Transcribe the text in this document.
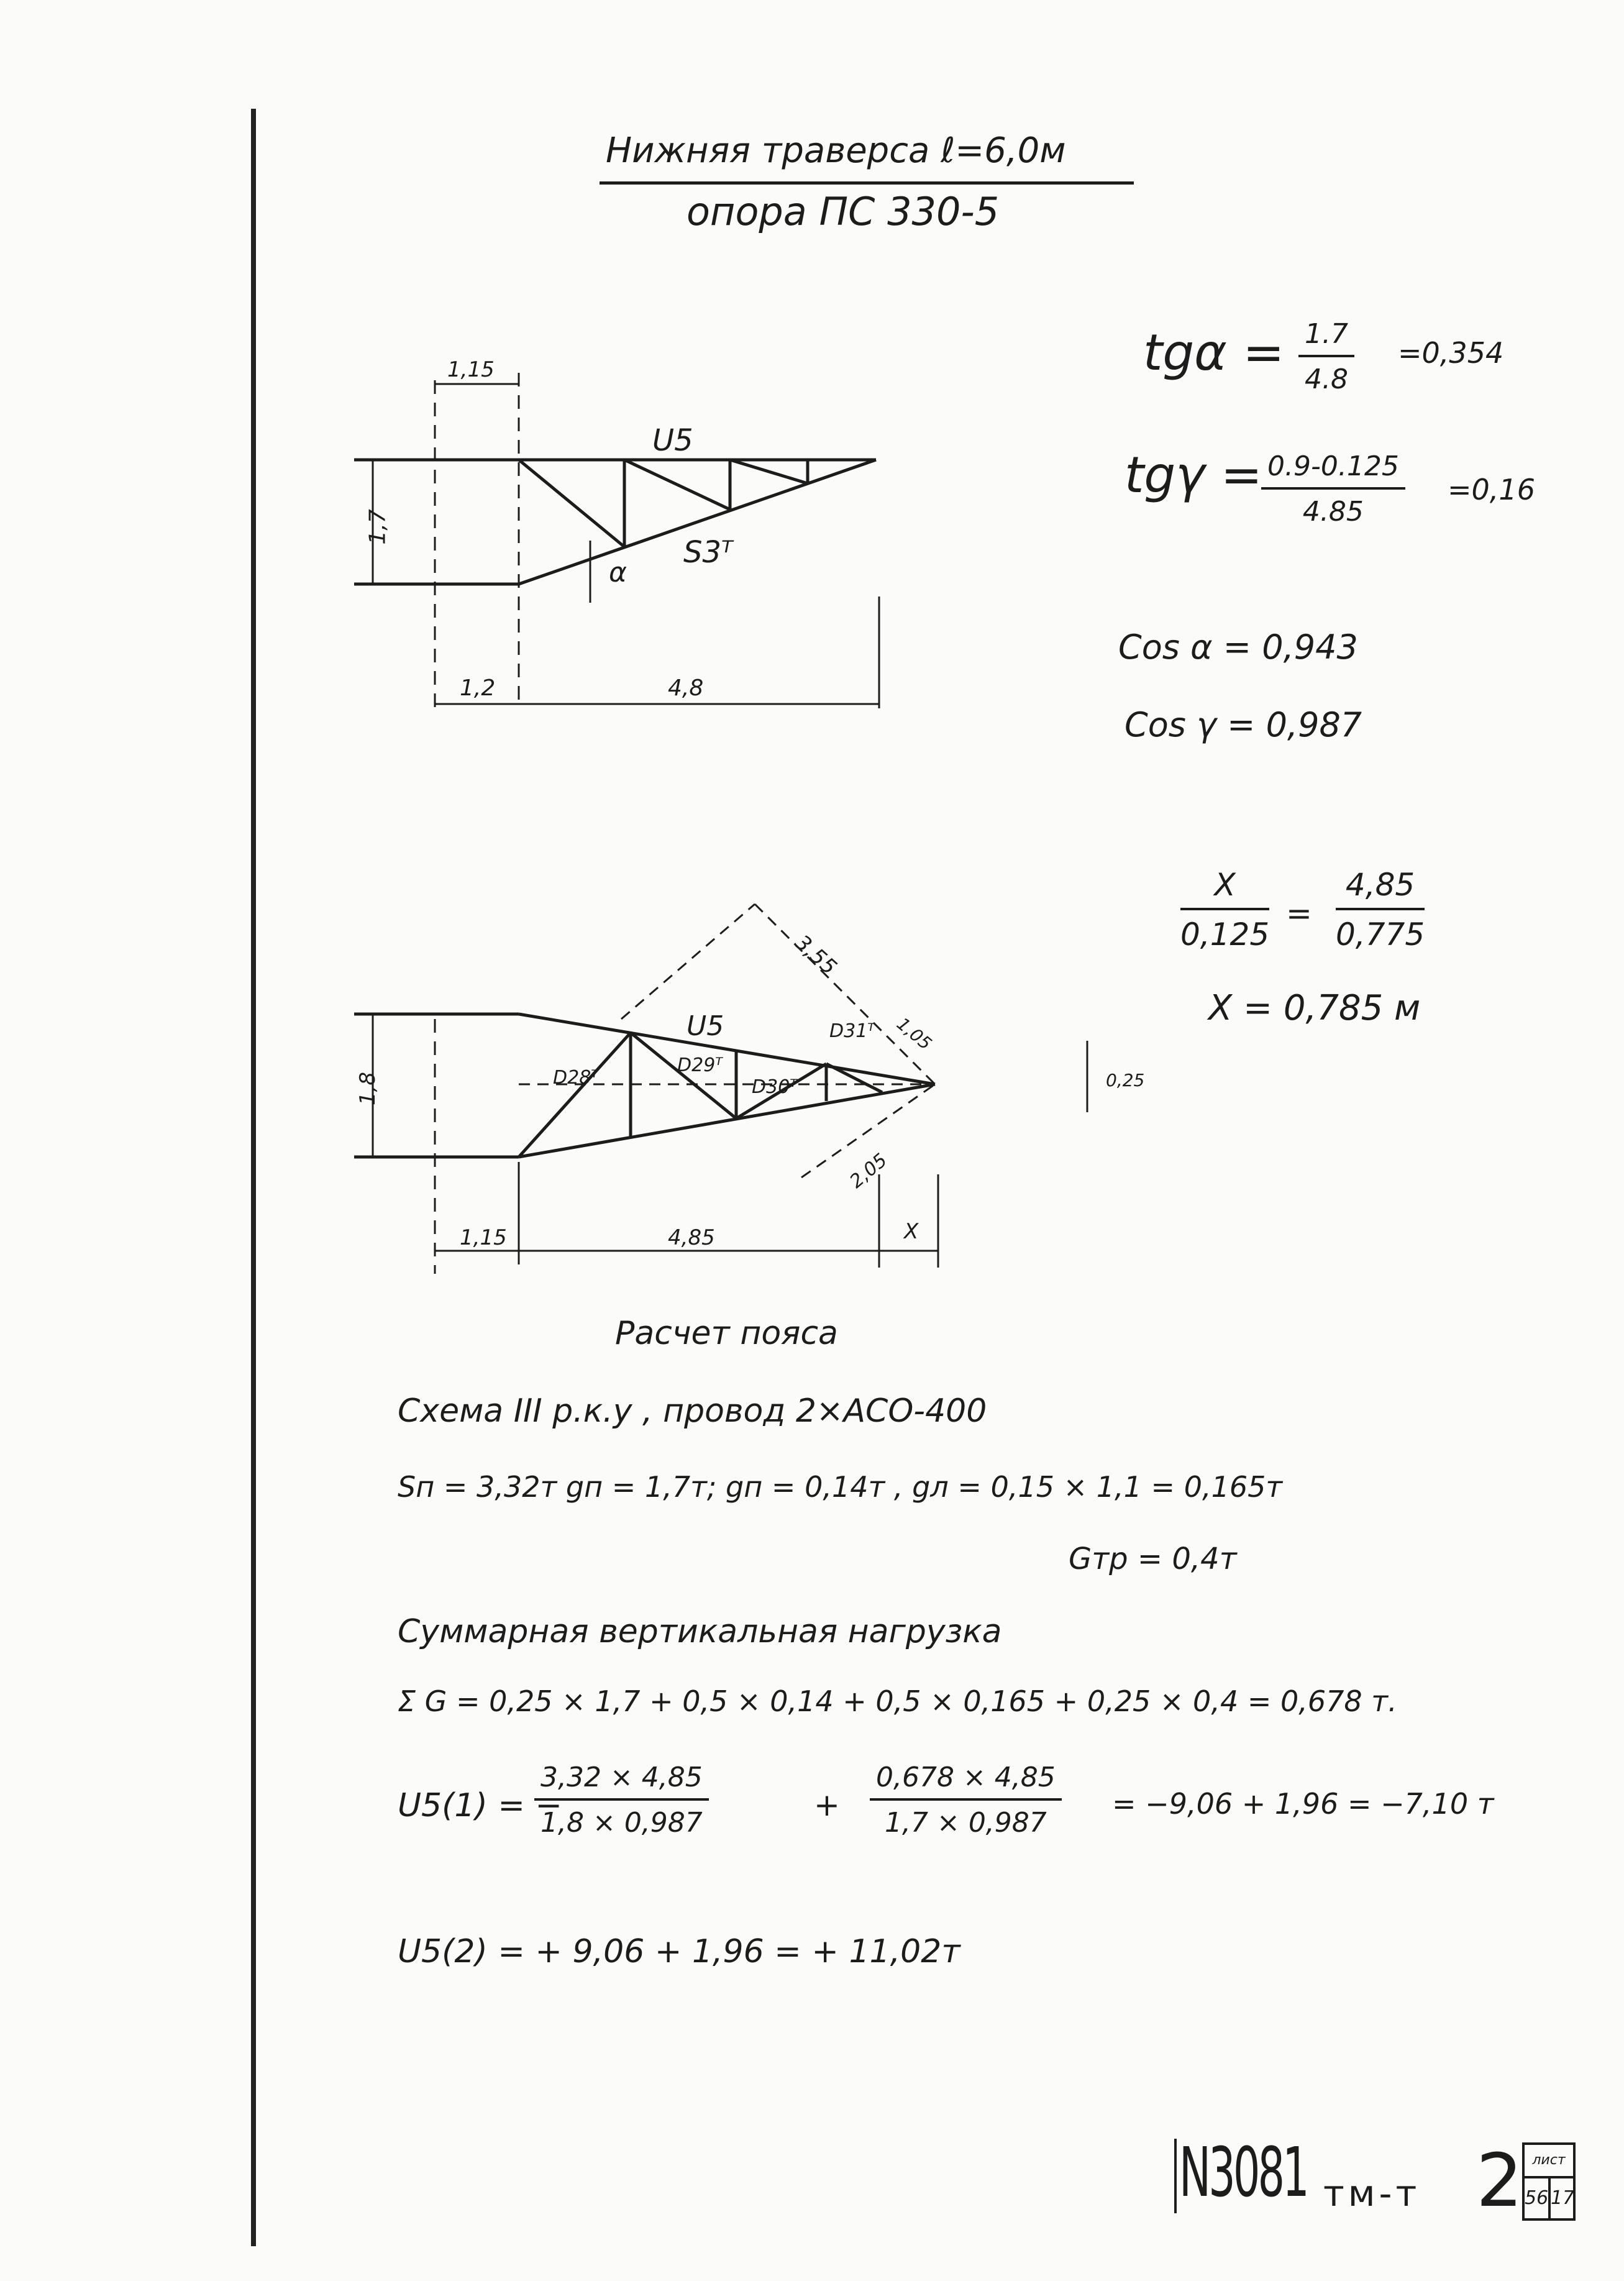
Нижняя траверса ℓ=6,0м
опора ПС 330-5
$tg\alpha = \frac{1.7}{4.8} =0,354$
tgγ =
$\frac{0.9-0.125}{4.85} =0,16$
Cos α = 0,943
Cos γ = 0,987
$\frac{X}{0,125} = \frac{4,85}{0,775}$
X = 0,785 м
1,15
U5
S3ᵀ
α
1,7
1,2	4,8
3,55
U5
D28ᵀ
D29ᵀ
D30ᵀ
D31ᵀ 1,05
1,8	0,25
2,05
1,15	4,85	X
Расчет пояса
Схема III р.к.у , провод 2×АСО-400
Sп = 3,32т gп = 1,7т; gп = 0,14т , gл = 0,15 × 1,1 = 0,165т
Gтр = 0,4т
Суммарная вертикальная нагрузка
Σ G = 0,25 × 1,7 + 0,5 × 0,14 + 0,5 × 0,165 + 0,25 × 0,4 = 0,678 т.
U5(1) = −
$\frac{3,32 \times 4,85}{1,8 \times 0,987}$	+ $\frac{0,678 \times 4,85}{1,7 \times 0,987} = -9,06 + 1,96 = -7,10$ т
U5(2) = + 9,06 + 1,96 = + 11,02т
N3081 тм-т 2 лист
56 17
